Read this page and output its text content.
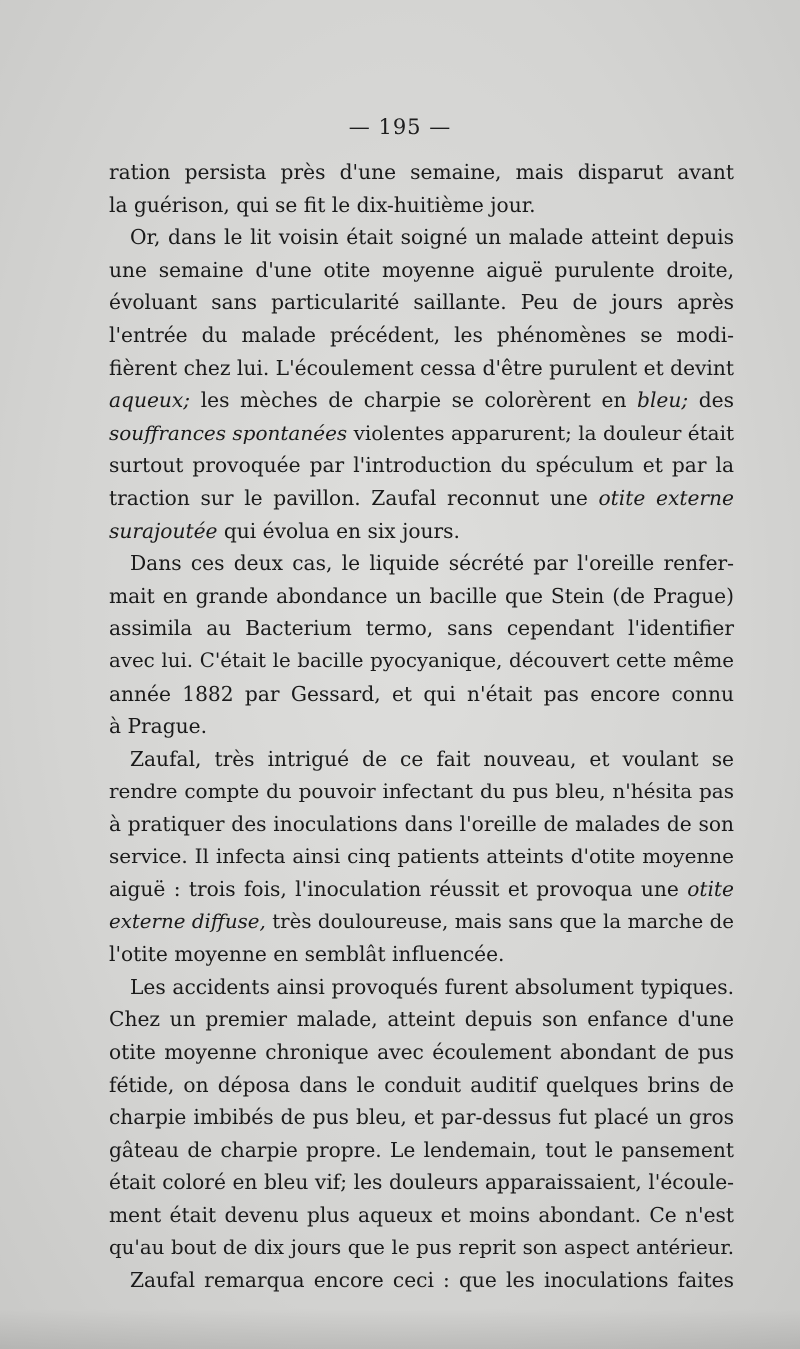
— 195 —
ration persista près d'une semaine, mais disparut avant
la guérison, qui se fit le dix-huitième jour.
Or, dans le lit voisin était soigné un malade atteint depuis
une semaine d'une otite moyenne aiguë purulente droite,
évoluant sans particularité saillante. Peu de jours après
l'entrée du malade précédent, les phénomènes se modi-
fièrent chez lui. L'écoulement cessa d'être purulent et devint
aqueux; les mèches de charpie se colorèrent en bleu; des
souffrances spontanées violentes apparurent; la douleur était
surtout provoquée par l'introduction du spéculum et par la
traction sur le pavillon. Zaufal reconnut une otite externe
surajoutée qui évolua en six jours.
Dans ces deux cas, le liquide sécrété par l'oreille renfer-
mait en grande abondance un bacille que Stein (de Prague)
assimila au Bacterium termo, sans cependant l'identifier
avec lui. C'était le bacille pyocyanique, découvert cette même
année 1882 par Gessard, et qui n'était pas encore connu
à Prague.
Zaufal, très intrigué de ce fait nouveau, et voulant se
rendre compte du pouvoir infectant du pus bleu, n'hésita pas
à pratiquer des inoculations dans l'oreille de malades de son
service. Il infecta ainsi cinq patients atteints d'otite moyenne
aiguë : trois fois, l'inoculation réussit et provoqua une otite
externe diffuse, très douloureuse, mais sans que la marche de
l'otite moyenne en semblât influencée.
Les accidents ainsi provoqués furent absolument typiques.
Chez un premier malade, atteint depuis son enfance d'une
otite moyenne chronique avec écoulement abondant de pus
fétide, on déposa dans le conduit auditif quelques brins de
charpie imbibés de pus bleu, et par-dessus fut placé un gros
gâteau de charpie propre. Le lendemain, tout le pansement
était coloré en bleu vif; les douleurs apparaissaient, l'écoule-
ment était devenu plus aqueux et moins abondant. Ce n'est
qu'au bout de dix jours que le pus reprit son aspect antérieur.
Zaufal remarqua encore ceci : que les inoculations faites
